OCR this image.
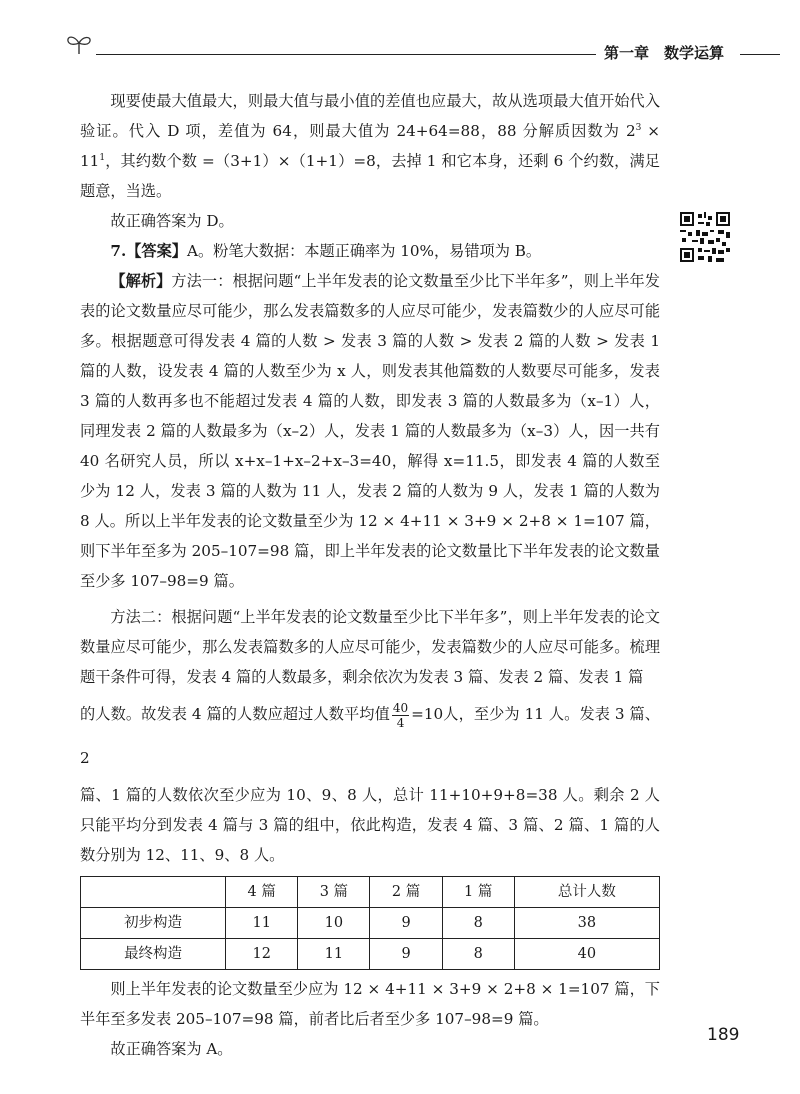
第一章　数学运算

现要使最大值最大，则最大值与最小值的差值也应最大，故从选项最大值开始代入验证。代入 D 项，差值为 64，则最大值为 24+64=88，88 分解质因数为 $2^3 \times 11^1$，其约数个数 =（3+1）×（1+1）=8，去掉 1 和它本身，还剩 6 个约数，满足题意，当选。

故正确答案为 D。

7.【答案】A。粉笔大数据：本题正确率为 10%，易错项为 B。

【解析】方法一：根据问题“上半年发表的论文数量至少比下半年多”，则上半年发表的论文数量应尽可能少，那么发表篇数多的人应尽可能少，发表篇数少的人应尽可能多。根据题意可得发表 4 篇的人数 > 发表 3 篇的人数 > 发表 2 篇的人数 > 发表 1 篇的人数，设发表 4 篇的人数至少为 x 人，则发表其他篇数的人数要尽可能多，发表 3 篇的人数再多也不能超过发表 4 篇的人数，即发表 3 篇的人数最多为（x–1）人，同理发表 2 篇的人数最多为（x–2）人，发表 1 篇的人数最多为（x–3）人，因一共有 40 名研究人员，所以 x+x–1+x–2+x–3=40，解得 x=11.5，即发表 4 篇的人数至少为 12 人，发表 3 篇的人数为 11 人，发表 2 篇的人数为 9 人，发表 1 篇的人数为 8 人。所以上半年发表的论文数量至少为 12 × 4+11 × 3+9 × 2+8 × 1=107 篇，则下半年至多为 205–107=98 篇，即上半年发表的论文数量比下半年发表的论文数量至少多 107–98=9 篇。

方法二：根据问题“上半年发表的论文数量至少比下半年多”，则上半年发表的论文数量应尽可能少，那么发表篇数多的人应尽可能少，发表篇数少的人应尽可能多。梳理题干条件可得，发表 4 篇的人数最多，剩余依次为发表 3 篇、发表 2 篇、发表 1 篇

的人数。故发表 4 篇的人数应超过人数平均值 $\frac{40}{4} =10$人，至少为 11 人。发表 3 篇、2

篇、1 篇的人数依次至少应为 10、9、8 人，总计 11+10+9+8=38 人。剩余 2 人只能平均分到发表 4 篇与 3 篇的组中，依此构造，发表 4 篇、3 篇、2 篇、1 篇的人数分别为 12、11、9、8 人。

	4 篇	3 篇	2 篇	1 篇	总计人数
初步构造	11	10	9	8	38
最终构造	12	11	9	8	40

则上半年发表的论文数量至少应为 12 × 4+11 × 3+9 × 2+8 × 1=107 篇，下半年至多发表 205–107=98 篇，前者比后者至少多 107–98=9 篇。

故正确答案为 A。

189
